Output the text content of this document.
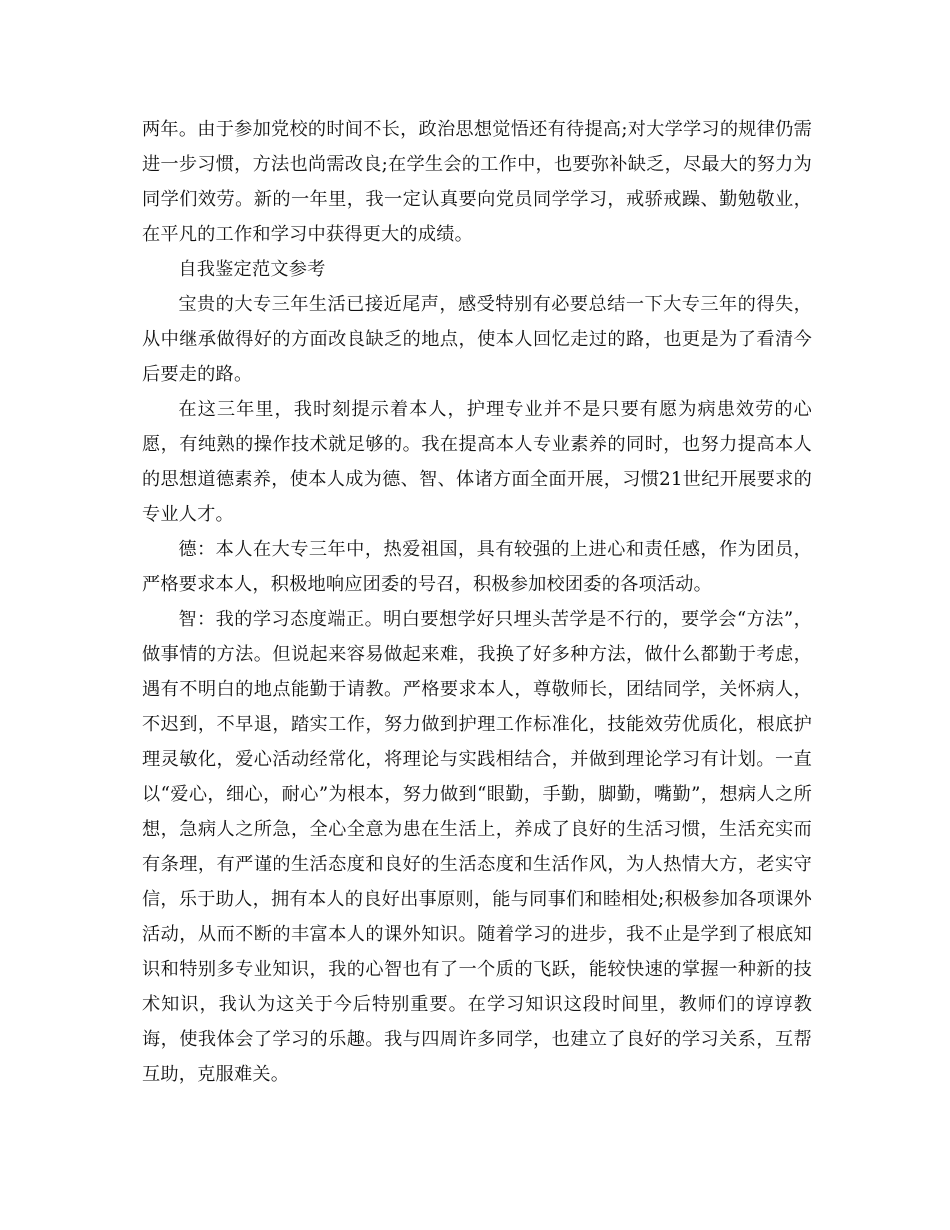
两年。由于参加党校的时间不长，政治思想觉悟还有待提高;对大学学习的规律仍需进一步习惯，方法也尚需改良;在学生会的工作中，也要弥补缺乏，尽最大的努力为同学们效劳。新的一年里，我一定认真要向党员同学学习，戒骄戒躁、勤勉敬业，在平凡的工作和学习中获得更大的成绩。

自我鉴定范文参考

宝贵的大专三年生活已接近尾声，感受特别有必要总结一下大专三年的得失，从中继承做得好的方面改良缺乏的地点，使本人回忆走过的路，也更是为了看清今后要走的路。

在这三年里，我时刻提示着本人，护理专业并不是只要有愿为病患效劳的心愿，有纯熟的操作技术就足够的。我在提高本人专业素养的同时，也努力提高本人的思想道德素养，使本人成为德、智、体诸方面全面开展，习惯21世纪开展要求的专业人才。

德：本人在大专三年中，热爱祖国，具有较强的上进心和责任感，作为团员，严格要求本人，积极地响应团委的号召，积极参加校团委的各项活动。

智：我的学习态度端正。明白要想学好只埋头苦学是不行的，要学会“方法”，做事情的方法。但说起来容易做起来难，我换了好多种方法，做什么都勤于考虑，遇有不明白的地点能勤于请教。严格要求本人，尊敬师长，团结同学，关怀病人，不迟到，不早退，踏实工作，努力做到护理工作标准化，技能效劳优质化，根底护理灵敏化，爱心活动经常化，将理论与实践相结合，并做到理论学习有计划。一直以“爱心，细心，耐心”为根本，努力做到“眼勤，手勤，脚勤，嘴勤”，想病人之所想，急病人之所急，全心全意为患在生活上，养成了良好的生活习惯，生活充实而有条理，有严谨的生活态度和良好的生活态度和生活作风，为人热情大方，老实守信，乐于助人，拥有本人的良好出事原则，能与同事们和睦相处;积极参加各项课外活动，从而不断的丰富本人的课外知识。随着学习的进步，我不止是学到了根底知识和特别多专业知识，我的心智也有了一个质的飞跃，能较快速的掌握一种新的技术知识，我认为这关于今后特别重要。在学习知识这段时间里，教师们的谆谆教诲，使我体会了学习的乐趣。我与四周许多同学，也建立了良好的学习关系，互帮互助，克服难关。
